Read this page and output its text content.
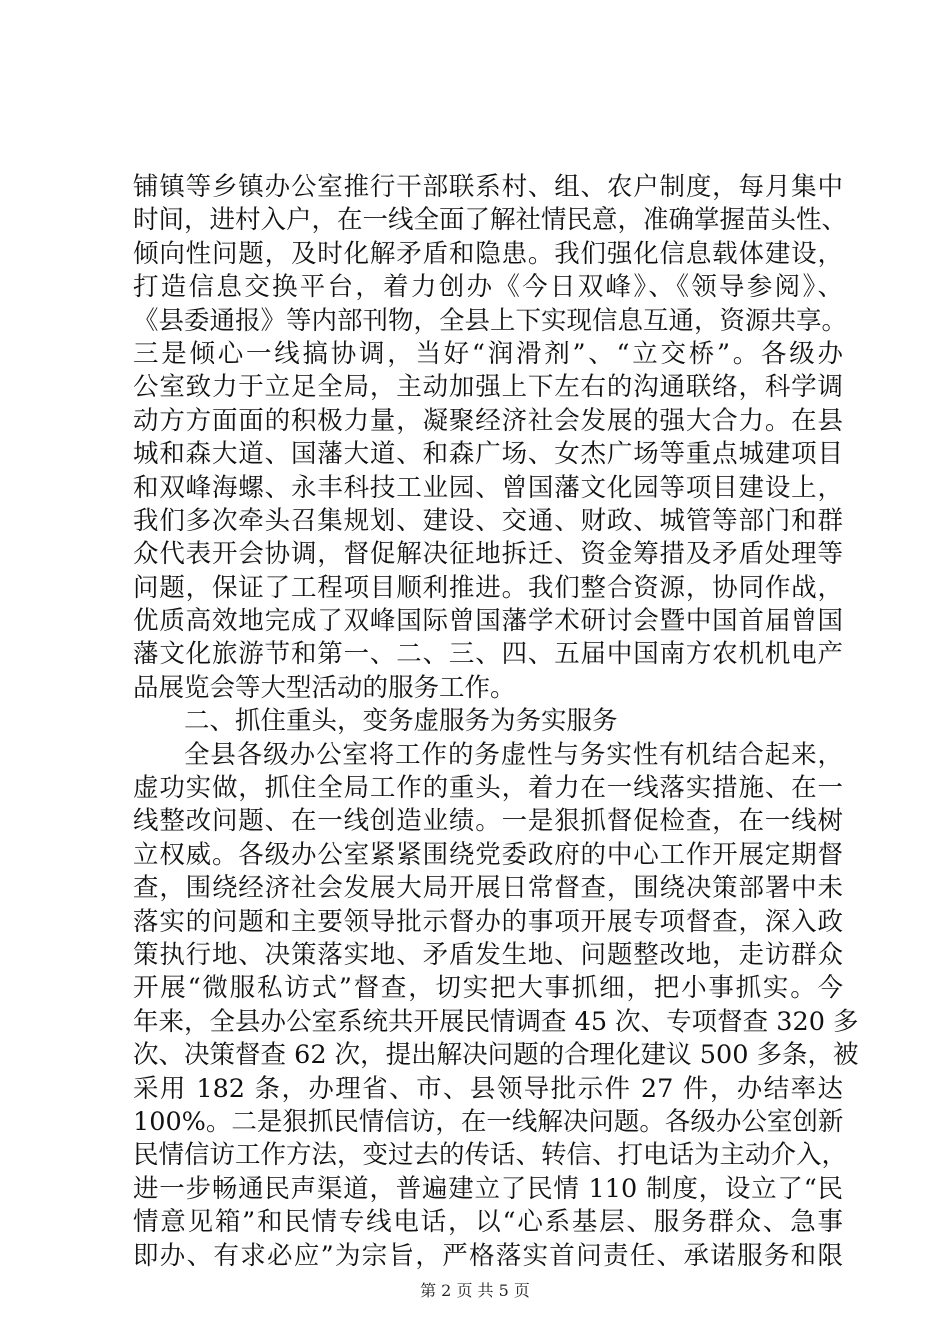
铺镇等乡镇办公室推行干部联系村、组、农户制度，每月集中
时间，进村入户，在一线全面了解社情民意，准确掌握苗头性、
倾向性问题，及时化解矛盾和隐患。我们强化信息载体建设，
打造信息交换平台，着力创办《今日双峰》、《领导参阅》、
《县委通报》等内部刊物，全县上下实现信息互通，资源共享。
三是倾心一线搞协调，当好“润滑剂”、“立交桥”。各级办
公室致力于立足全局，主动加强上下左右的沟通联络，科学调
动方方面面的积极力量，凝聚经济社会发展的强大合力。在县
城和森大道、国藩大道、和森广场、女杰广场等重点城建项目
和双峰海螺、永丰科技工业园、曾国藩文化园等项目建设上，
我们多次牵头召集规划、建设、交通、财政、城管等部门和群
众代表开会协调，督促解决征地拆迁、资金筹措及矛盾处理等
问题，保证了工程项目顺利推进。我们整合资源，协同作战，
优质高效地完成了双峰国际曾国藩学术研讨会暨中国首届曾国
藩文化旅游节和第一、二、三、四、五届中国南方农机机电产
品展览会等大型活动的服务工作。
二、抓住重头，变务虚服务为务实服务
全县各级办公室将工作的务虚性与务实性有机结合起来，
虚功实做，抓住全局工作的重头，着力在一线落实措施、在一
线整改问题、在一线创造业绩。一是狠抓督促检查，在一线树
立权威。各级办公室紧紧围绕党委政府的中心工作开展定期督
查，围绕经济社会发展大局开展日常督查，围绕决策部署中未
落实的问题和主要领导批示督办的事项开展专项督查，深入政
策执行地、决策落实地、矛盾发生地、问题整改地，走访群众
开展“微服私访式”督查，切实把大事抓细，把小事抓实。今
年来，全县办公室系统共开展民情调查 45 次、专项督查 320 多
次、决策督查 62 次，提出解决问题的合理化建议 500 多条，被
采用 182 条，办理省、市、县领导批示件 27 件，办结率达
100%。二是狠抓民情信访，在一线解决问题。各级办公室创新
民情信访工作方法，变过去的传话、转信、打电话为主动介入，
进一步畅通民声渠道，普遍建立了民情 110 制度，设立了“民
情意见箱”和民情专线电话，以“心系基层、服务群众、急事
即办、有求必应”为宗旨，严格落实首问责任、承诺服务和限
第 2 页 共 5 页
